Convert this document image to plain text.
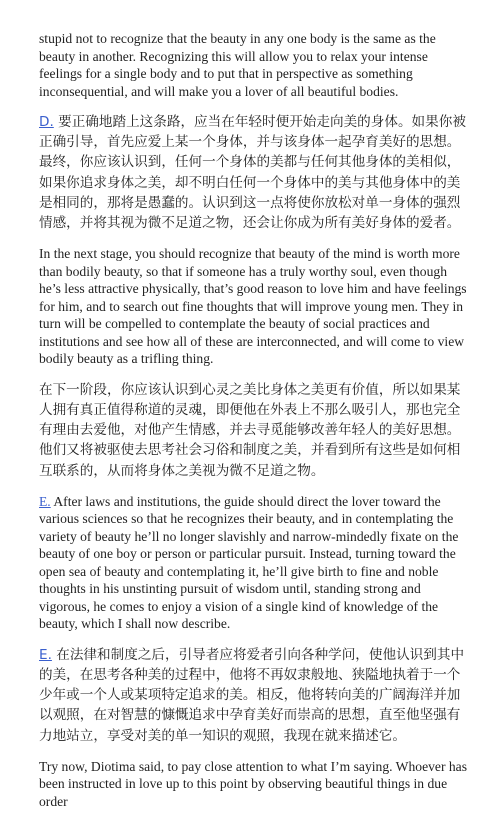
stupid not to recognize that the beauty in any one body is the same as the beauty in another. Recognizing this will allow you to relax your intense feelings for a single body and to put that in perspective as something inconsequential, and will make you a lover of all beautiful bodies.

D. 要正确地踏上这条路，应当在年轻时便开始走向美的身体。如果你被正确引导，首先应爱上某一个身体，并与该身体一起孕育美好的思想。最终，你应该认识到，任何一个身体的美都与任何其他身体的美相似，如果你追求身体之美，却不明白任何一个身体中的美与其他身体中的美是相同的，那将是愚蠢的。认识到这一点将使你放松对单一身体的强烈情感，并将其视为微不足道之物，还会让你成为所有美好身体的爱者。

In the next stage, you should recognize that beauty of the mind is worth more than bodily beauty, so that if someone has a truly worthy soul, even though he’s less attractive physically, that’s good reason to love him and have feelings for him, and to search out fine thoughts that will improve young men. They in turn will be compelled to contemplate the beauty of social practices and institutions and see how all of these are interconnected, and will come to view bodily beauty as a trifling thing.

在下一阶段，你应该认识到心灵之美比身体之美更有价值，所以如果某人拥有真正值得称道的灵魂，即便他在外表上不那么吸引人，那也完全有理由去爱他，对他产生情感，并去寻觅能够改善年轻人的美好思想。他们又将被驱使去思考社会习俗和制度之美，并看到所有这些是如何相互联系的，从而将身体之美视为微不足道之物。

E. After laws and institutions, the guide should direct the lover toward the various sciences so that he recognizes their beauty, and in contemplating the variety of beauty he’ll no longer slavishly and narrow-mindedly fixate on the beauty of one boy or person or particular pursuit. Instead, turning toward the open sea of beauty and contemplating it, he’ll give birth to fine and noble thoughts in his unstinting pursuit of wisdom until, standing strong and vigorous, he comes to enjoy a vision of a single kind of knowledge of the beauty, which I shall now describe.

E. 在法律和制度之后，引导者应将爱者引向各种学问，使他认识到其中的美，在思考各种美的过程中，他将不再奴隶般地、狭隘地执着于一个少年或一个人或某项特定追求的美。相反，他将转向美的广阔海洋并加以观照，在对智慧的慷慨追求中孕育美好而崇高的思想，直至他坚强有力地站立，享受对美的单一知识的观照，我现在就来描述它。

Try now, Diotima said, to pay close attention to what I’m saying. Whoever has been instructed in love up to this point by observing beautiful things in due order
